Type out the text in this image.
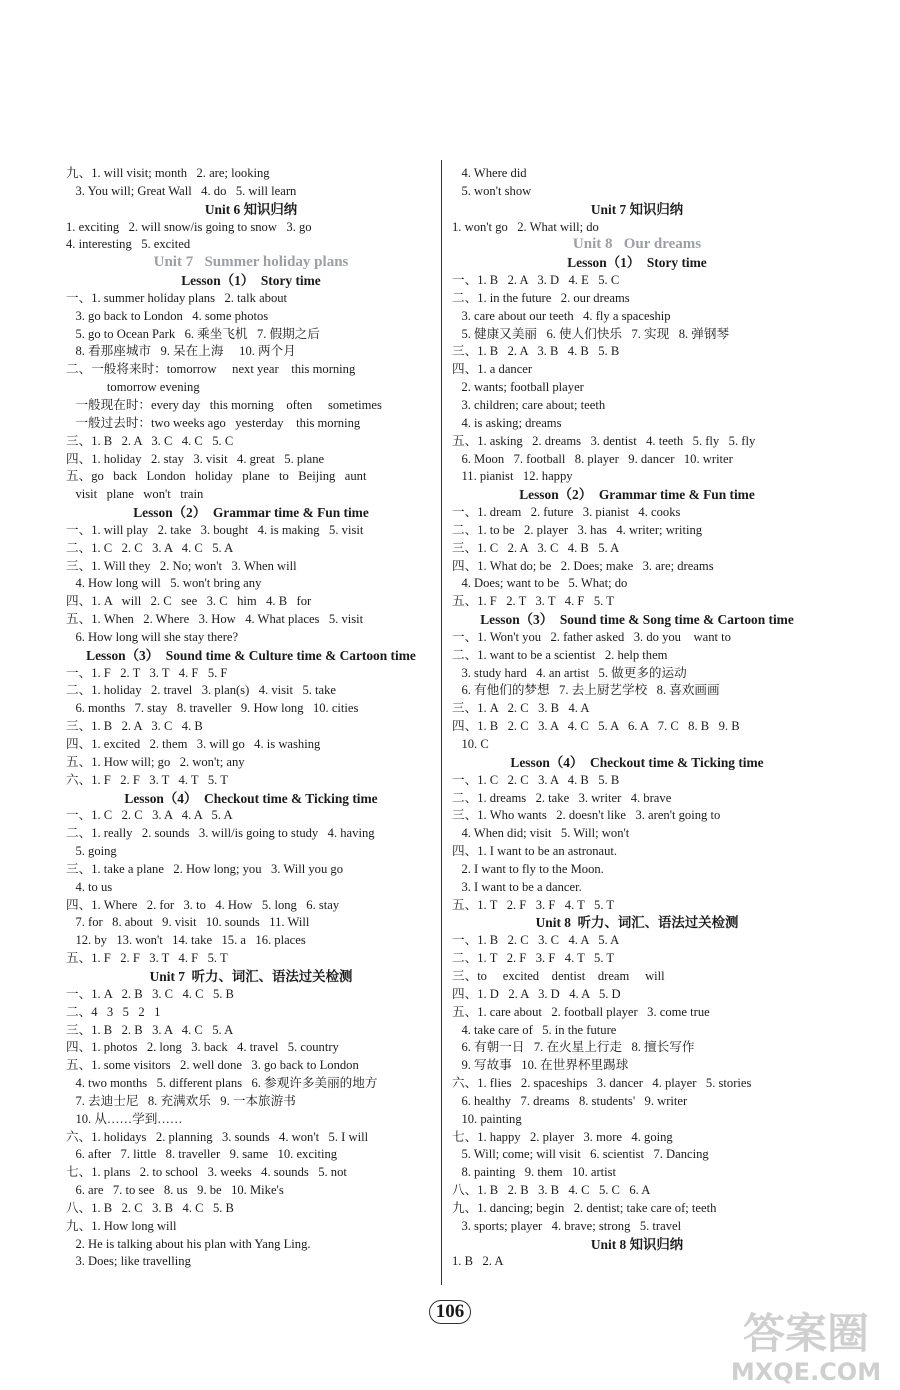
九、1. will visit; month   2. are; looking
3. You will; Great Wall   4. do   5. will learn
Unit 6 知识归纳
1. exciting   2. will snow/is going to snow   3. go
4. interesting   5. excited
Unit 7   Summer holiday plans
Lesson（1）  Story time
一、1. summer holiday plans   2. talk about
3. go back to London   4. some photos
5. go to Ocean Park   6. 乘坐飞机   7. 假期之后
8. 看那座城市   9. 呆在上海     10. 两个月
二、一般将来时：tomorrow     next year    this morning
tomorrow evening
一般现在时：every day   this morning    often     sometimes
一般过去时：two weeks ago   yesterday    this morning
三、1. B   2. A   3. C   4. C   5. C
四、1. holiday   2. stay   3. visit   4. great   5. plane
五、go   back   London   holiday   plane   to   Beijing   aunt
visit   plane   won't   train
Lesson（2）  Grammar time & Fun time
一、1. will play   2. take   3. bought   4. is making   5. visit
二、1. C   2. C   3. A   4. C   5. A
三、1. Will they   2. No; won't   3. When will
4. How long will   5. won't bring any
四、1. A   will   2. C   see   3. C   him   4. B   for
五、1. When   2. Where   3. How   4. What places   5. visit
6. How long will she stay there?
Lesson（3）  Sound time & Culture time & Cartoon time
一、1. F   2. T   3. T   4. F   5. F
二、1. holiday   2. travel   3. plan(s)   4. visit   5. take
6. months   7. stay   8. traveller   9. How long   10. cities
三、1. B   2. A   3. C   4. B
四、1. excited   2. them   3. will go   4. is washing
五、1. How will; go   2. won't; any
六、1. F   2. F   3. T   4. T   5. T
Lesson（4）  Checkout time & Ticking time
一、1. C   2. C   3. A   4. A   5. A
二、1. really   2. sounds   3. will/is going to study   4. having
5. going
三、1. take a plane   2. How long; you   3. Will you go
4. to us
四、1. Where   2. for   3. to   4. How   5. long   6. stay
7. for   8. about   9. visit   10. sounds   11. Will
12. by   13. won't   14. take   15. a   16. places
五、1. F   2. F   3. T   4. F   5. T
Unit 7  听力、词汇、语法过关检测
一、1. A   2. B   3. C   4. C   5. B
二、4   3   5   2   1
三、1. B   2. B   3. A   4. C   5. A
四、1. photos   2. long   3. back   4. travel   5. country
五、1. some visitors   2. well done   3. go back to London
4. two months   5. different plans   6. 参观许多美丽的地方
7. 去迪士尼   8. 充满欢乐   9. 一本旅游书
10. 从……学到……
六、1. holidays   2. planning   3. sounds   4. won't   5. I will
6. after   7. little   8. traveller   9. same   10. exciting
七、1. plans   2. to school   3. weeks   4. sounds   5. not
6. are   7. to see   8. us   9. be   10. Mike's
八、1. B   2. C   3. B   4. C   5. B
九、1. How long will
2. He is talking about his plan with Yang Ling.
3. Does; like travelling
4. Where did
5. won't show
Unit 7 知识归纳
1. won't go   2. What will; do
Unit 8   Our dreams
Lesson（1）  Story time
一、1. B   2. A   3. D   4. E   5. C
二、1. in the future   2. our dreams
3. care about our teeth   4. fly a spaceship
5. 健康又美丽   6. 使人们快乐   7. 实现   8. 弹钢琴
三、1. B   2. A   3. B   4. B   5. B
四、1. a dancer
2. wants; football player
3. children; care about; teeth
4. is asking; dreams
五、1. asking   2. dreams   3. dentist   4. teeth   5. fly   5. fly
6. Moon   7. football   8. player   9. dancer   10. writer
11. pianist   12. happy
Lesson（2）  Grammar time & Fun time
一、1. dream   2. future   3. pianist   4. cooks
二、1. to be   2. player   3. has   4. writer; writing
三、1. C   2. A   3. C   4. B   5. A
四、1. What do; be   2. Does; make   3. are; dreams
4. Does; want to be   5. What; do
五、1. F   2. T   3. T   4. F   5. T
Lesson（3）  Sound time & Song time & Cartoon time
一、1. Won't you   2. father asked   3. do you    want to
二、1. want to be a scientist   2. help them
3. study hard   4. an artist   5. 做更多的运动
6. 有他们的梦想   7. 去上厨艺学校   8. 喜欢画画
三、1. A   2. C   3. B   4. A
四、1. B   2. C   3. A   4. C   5. A   6. A   7. C   8. B   9. B
10. C
Lesson（4）  Checkout time & Ticking time
一、1. C   2. C   3. A   4. B   5. B
二、1. dreams   2. take   3. writer   4. brave
三、1. Who wants   2. doesn't like   3. aren't going to
4. When did; visit   5. Will; won't
四、1. I want to be an astronaut.
2. I want to fly to the Moon.
3. I want to be a dancer.
五、1. T   2. F   3. F   4. T   5. T
Unit 8  听力、词汇、语法过关检测
一、1. B   2. C   3. C   4. A   5. A
二、1. T   2. F   3. F   4. T   5. T
三、to     excited    dentist    dream     will
四、1. D   2. A   3. D   4. A   5. D
五、1. care about   2. football player   3. come true
4. take care of   5. in the future
6. 有朝一日   7. 在火星上行走   8. 擅长写作
9. 写故事   10. 在世界杯里踢球
六、1. flies   2. spaceships   3. dancer   4. player   5. stories
6. healthy   7. dreams   8. students'   9. writer
10. painting
七、1. happy   2. player   3. more   4. going
5. Will; come; will visit   6. scientist   7. Dancing
8. painting   9. them   10. artist
八、1. B   2. B   3. B   4. C   5. C   6. A
九、1. dancing; begin   2. dentist; take care of; teeth
3. sports; player   4. brave; strong   5. travel
Unit 8 知识归纳
1. B   2. A
106	答案圈
MXQE.COM
